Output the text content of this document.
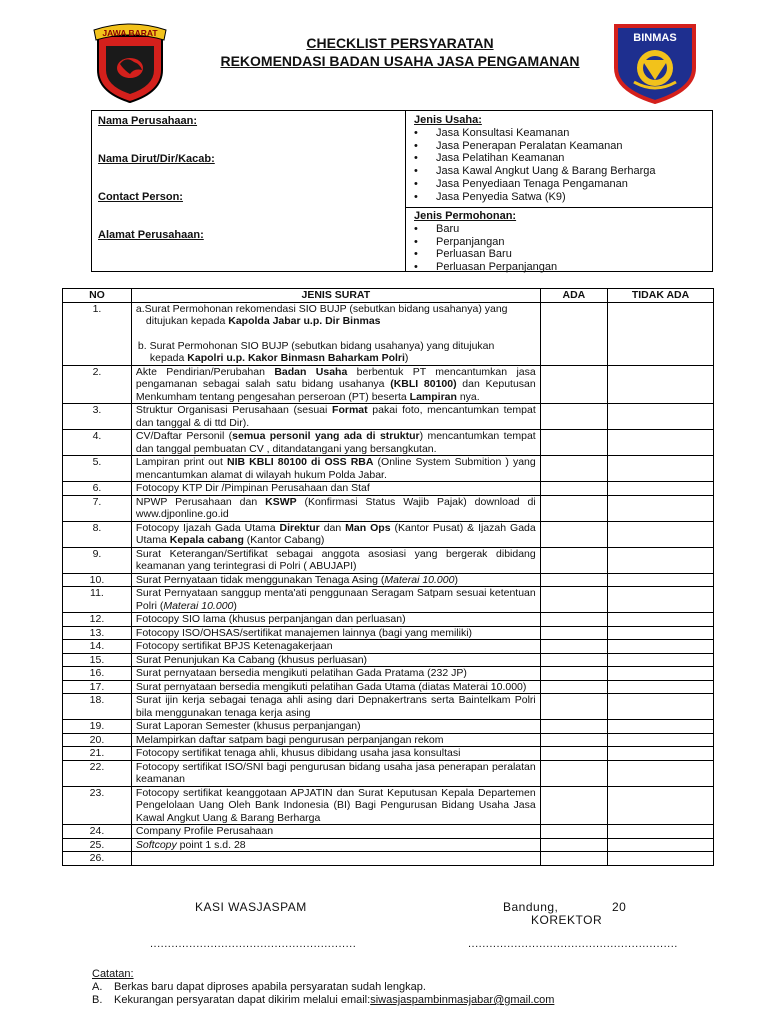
JAWA BARAT	BINMAS
CHECKLIST PERSYARATAN
REKOMENDASI BADAN USAHA JASA PENGAMANAN
Nama Perusahaan:
Nama Dirut/Dir/Kacab:
Contact Person:
Alamat Perusahaan:
Jenis Usaha:
•	Jasa Konsultasi Keamanan
•	Jasa Penerapan Peralatan Keamanan
•	Jasa Pelatihan Keamanan
•	Jasa Kawal Angkut Uang & Barang Berharga
•	Jasa Penyediaan Tenaga Pengamanan
•	Jasa Penyedia Satwa (K9)
Jenis Permohonan:
•	Baru
•	Perpanjangan
•	Perluasan Baru
•	Perluasan Perpanjangan
NO	JENIS SURAT	ADA	TIDAK ADA
1.	a.Surat Permohonan rekomendasi SIO BUJP (sebutkan bidang usahanya) yang
ditujukan kepada Kapolda Jabar u.p. Dir Binmas
b. Surat Permohonan SIO BUJP (sebutkan bidang usahanya) yang ditujukan
kepada Kapolri u.p. Kakor Binmasn Baharkam Polri)		

2.	Akte Pendirian/Perubahan Badan Usaha berbentuk PT mencantumkan jasa pengamanan sebagai salah satu bidang usahanya (KBLI 80100) dan Keputusan Menkumham tentang pengesahan perseroan (PT) beserta Lampiran nya.		
3.	Struktur Organisasi Perusahaan (sesuai Format pakai foto, mencantumkan tempat dan tanggal & di ttd Dir).		
4.	CV/Daftar Personil (semua personil yang ada di struktur) mencantumkan tempat dan tanggal pembuatan CV , ditandatangani yang bersangkutan.		
5.	Lampiran print out NIB KBLI 80100 di OSS RBA (Online System Submition ) yang mencantumkan alamat di wilayah hukum Polda Jabar.		
6.	Fotocopy KTP Dir /Pimpinan Perusahaan dan Staf		
7.	NPWP Perusahaan dan KSWP (Konfirmasi Status Wajib Pajak) download di www.djponline.go.id		
8.	Fotocopy Ijazah Gada Utama Direktur dan Man Ops (Kantor Pusat) & Ijazah Gada Utama Kepala cabang (Kantor Cabang)		
9.	Surat Keterangan/Sertifikat sebagai anggota asosiasi yang bergerak dibidang keamanan yang terintegrasi di Polri ( ABUJAPI)		
10.	Surat Pernyataan tidak menggunakan Tenaga Asing (Materai 10.000)		
11.	Surat Pernyataan sanggup menta'ati penggunaan Seragam Satpam sesuai ketentuan Polri (Materai 10.000)		
12.	Fotocopy SIO lama (khusus perpanjangan dan perluasan)		
13.	Fotocopy ISO/OHSAS/sertifikat manajemen lainnya (bagi yang memiliki)		
14.	Fotocopy sertifikat BPJS Ketenagakerjaan		
15.	Surat Penunjukan Ka Cabang (khusus perluasan)		
16.	Surat pernyataan bersedia mengikuti pelatihan Gada Pratama (232 JP)		
17.	Surat pernyataan bersedia mengikuti pelatihan Gada Utama (diatas Materai 10.000)		
18.	Surat ijin kerja sebagai tenaga ahli asing dari Depnakertrans serta Baintelkam Polri bila menggunakan tenaga kerja asing		
19.	Surat Laporan Semester (khusus perpanjangan)		
20.	Melampirkan daftar satpam bagi pengurusan perpanjangan rekom		
21.	Fotocopy sertifikat tenaga ahli, khusus dibidang usaha jasa konsultasi		
22.	Fotocopy sertifikat ISO/SNI bagi pengurusan bidang usaha jasa penerapan peralatan keamanan		
23.	Fotocopy sertifikat keanggotaan APJATIN dan Surat Keputusan Kepala Departemen Pengelolaan Uang Oleh Bank Indonesia (BI) Bagi Pengurusan Bidang Usaha Jasa Kawal Angkut Uang & Barang Berharga		
24.	Company Profile Perusahaan		
25.	Softcopy point 1 s.d. 28		
26.			
KASI WASJASPAM	Bandung,	20
KOREKTOR
..........................................................	...........................................................
Catatan:
A.	Berkas baru dapat diproses apabila persyaratan sudah lengkap.
B.	Kekurangan persyaratan dapat dikirim melalui email: siwasjaspambinmasjabar@gmail.com
